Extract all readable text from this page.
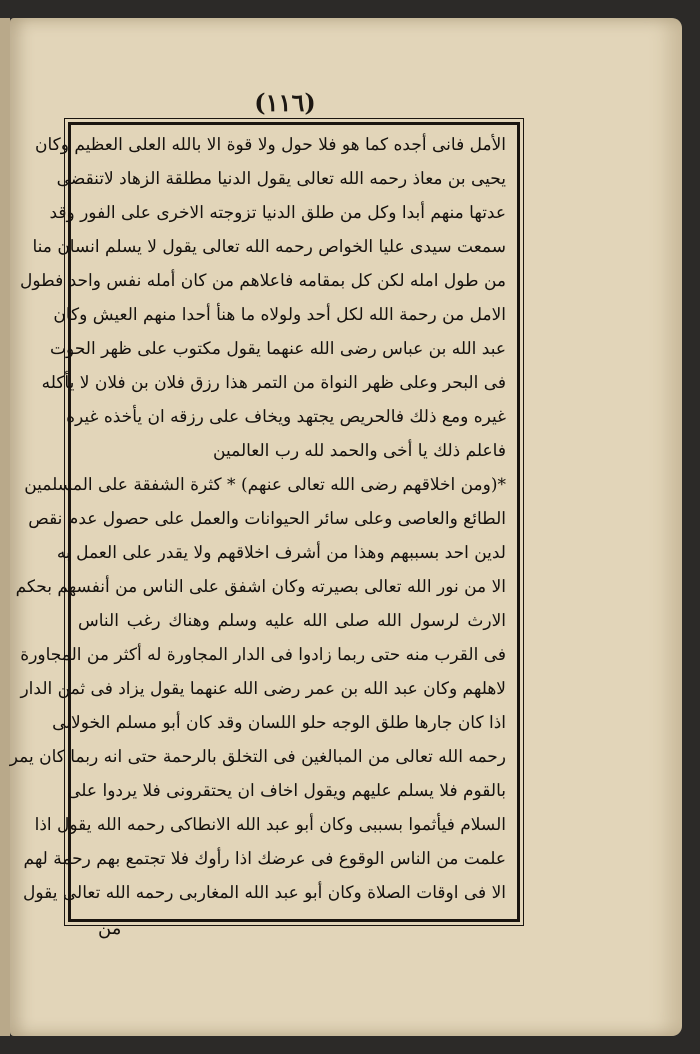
(١١٦)
الأمل فانى أجده كما هو فلا حول ولا قوة الا بالله العلى العظيم وكان
يحيى بن معاذ رحمه الله تعالى يقول الدنيا مطلقة الزهاد لاتنقضى
عدتها منهم أبدا وكل من طلق الدنيا تزوجته الاخرى على الفور وقد
سمعت سيدى عليا الخواص رحمه الله تعالى يقول لا يسلم انسان منا
من طول امله لكن كل بمقامه فاعلاهم من كان أمله نفس واحد فطول
الامل من رحمة الله لكل أحد ولولاه ما هنأ أحدا منهم العيش وكان
عبد الله بن عباس رضى الله عنهما يقول مكتوب على ظهر الحوت
فى البحر وعلى ظهر النواة من التمر هذا رزق فلان بن فلان لا يأكله
غيره ومع ذلك فالحريص يجتهد ويخاف على رزقه ان يأخذه غيره
فاعلم ذلك يا أخى والحمد لله رب العالمين
*(ومن اخلاقهم رضى الله تعالى عنهم) * كثرة الشفقة على المسلمين
الطائع والعاصى وعلى سائر الحيوانات والعمل على حصول عدم نقص
لدين احد بسببهم وهذا من أشرف اخلاقهم ولا يقدر على العمل به
الا من نور الله تعالى بصيرته وكان اشفق على الناس من أنفسهم بحكم
الارث لرسول الله صلى الله عليه وسلم وهناك رغب الناس
فى القرب منه حتى ربما زادوا فى الدار المجاورة له أكثر من المجاورة
لاهلهم وكان عبد الله بن عمر رضى الله عنهما يقول يزاد فى ثمن الدار
اذا كان جارها طلق الوجه حلو اللسان وقد كان أبو مسلم الخولانى
رحمه الله تعالى من المبالغين فى التخلق بالرحمة حتى انه ربما كان يمر
بالقوم فلا يسلم عليهم ويقول اخاف ان يحتقرونى فلا يردوا على
السلام فيأثموا بسببى وكان أبو عبد الله الانطاكى رحمه الله يقول اذا
علمت من الناس الوقوع فى عرضك اذا رأوك فلا تجتمع بهم رحمة لهم
الا فى اوقات الصلاة وكان أبو عبد الله المغاربى رحمه الله تعالى يقول
من
